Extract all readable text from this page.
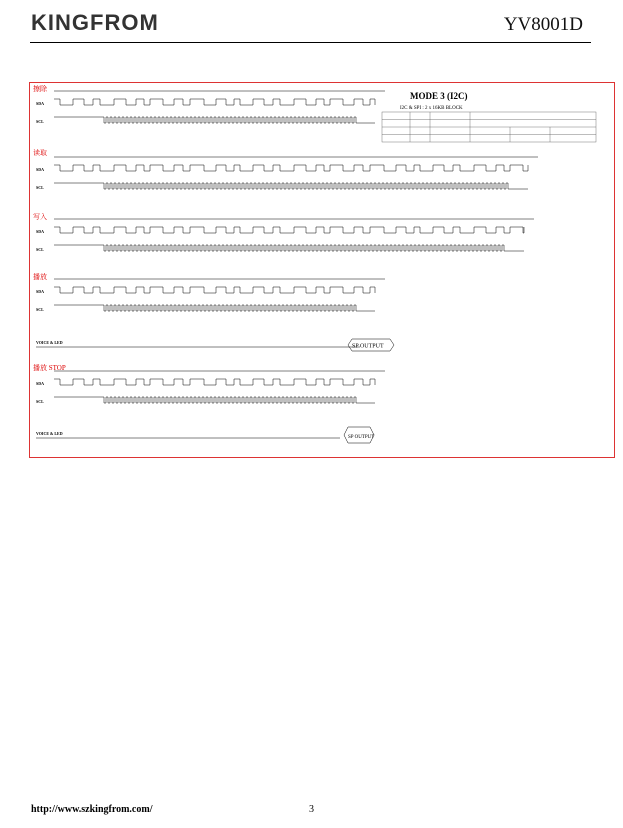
KINGFROM	YV8001D
MODE 3 (I2C)
I2C & SPI : 2 x 16KB BLOCK
擦除
读取
写入
播放
播放 STOP
SDA
SCL
SDA
SCL
SDA
SCL
SDA
SCL
VOICE & LED
SDA
SCL
VOICE & LED
SP OUTPUT
SP OUTPUT
http://www.szkingfrom.com/	3
